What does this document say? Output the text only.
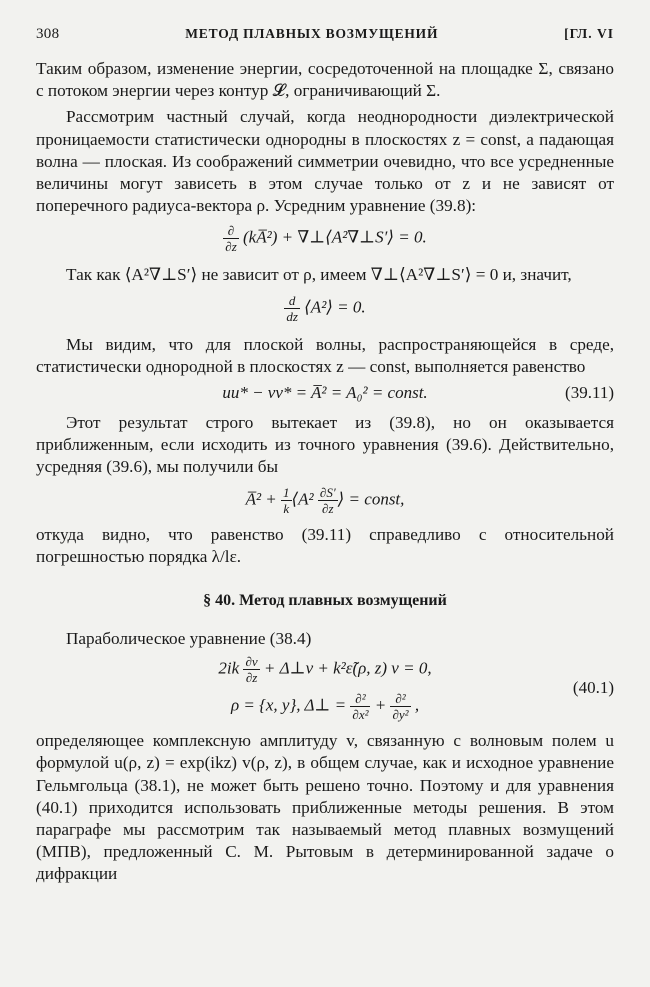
308	МЕТОД ПЛАВНЫХ ВОЗМУЩЕНИЙ	[ГЛ. VI

Таким образом, изменение энергии, сосредоточенной на площадке Σ, связано с потоком энергии через контур 𝓛, ограничивающий Σ.

Рассмотрим частный случай, когда неоднородности диэлектрической проницаемости статистически однородны в плоскостях z = const, а падающая волна — плоская. Из соображений симметрии очевидно, что все усредненные величины могут зависеть в этом случае только от z и не зависят от поперечного радиуса-вектора ρ. Усредним уравнение (39.8):

$\frac{\partial}{\partial z}$ (kA̅²) + ∇⊥⟨A²∇⊥S′⟩ = 0.

Так как ⟨A²∇⊥S′⟩ не зависит от ρ, имеем ∇⊥⟨A²∇⊥S′⟩ = 0 и, значит,

$\frac{d}{dz}$ ⟨A²⟩ = 0.

Мы видим, что для плоской волны, распространяющейся в среде, статистически однородной в плоскостях z — const, выполняется равенство

uu* − vv* = A̅² = A₀² = const.	(39.11)

Этот результат строго вытекает из (39.8), но он оказывается приближенным, если исходить из точного уравнения (39.6). Действительно, усредняя (39.6), мы получили бы

A̅² + $\frac{1}{k}$ ⟨A² $\frac{\partial S'}{\partial z}$ ⟩ = const,

откуда видно, что равенство (39.11) справедливо с относительной погрешностью порядка λ/lε.

§ 40. Метод плавных возмущений

Параболическое уравнение (38.4)

$2ik \frac{\partial v}{\partial z}$ + Δ⊥v + k²ε̃(ρ, z) v = 0,
ρ = {x, y}, Δ⊥ = $\frac{\text{∂²}}{\text{∂x²}} + \frac{\text{∂²}}{\text{∂y²}}$ ,
(40.1)

определяющее комплексную амплитуду v, связанную с волновым полем u формулой u(ρ, z) = exp(ikz) v(ρ, z), в общем случае, как и исходное уравнение Гельмгольца (38.1), не может быть решено точно. Поэтому и для уравнения (40.1) приходится использовать приближенные методы решения. В этом параграфе мы рассмотрим так называемый метод плавных возмущений (МПВ), предложенный С. М. Рытовым в детерминированной задаче о дифракции
